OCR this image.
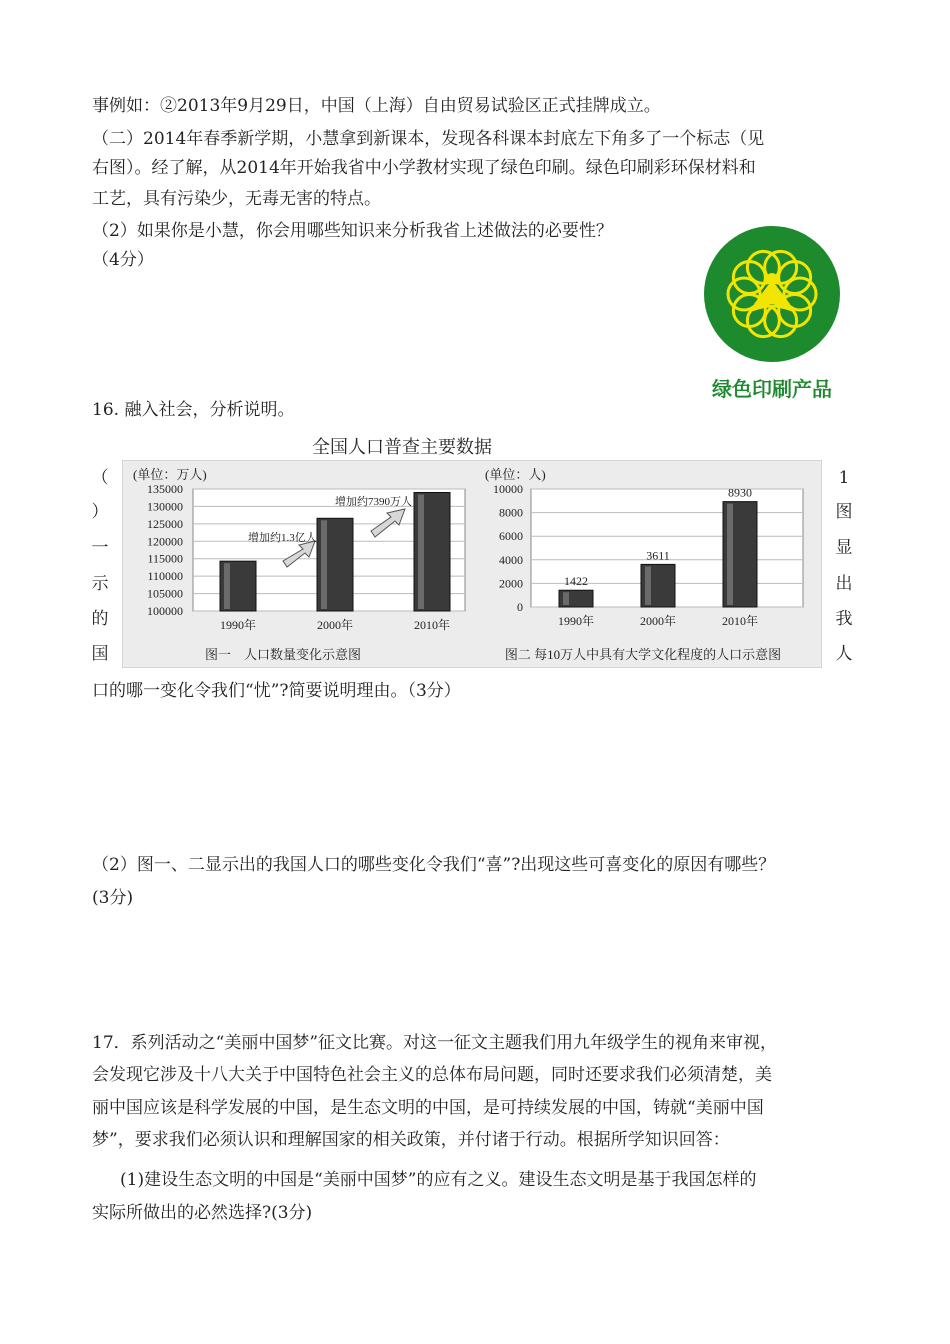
事例如：②2013年9月29日，中国（上海）自由贸易试验区正式挂牌成立。
（二）2014年春季新学期，小慧拿到新课本，发现各科课本封底左下角多了一个标志（见
右图）。经了解，从2014年开始我省中小学教材实现了绿色印刷。绿色印刷彩环保材料和
工艺，具有污染少，无毒无害的特点。
（2）如果你是小慧，你会用哪些知识来分析我省上述做法的必要性？
（4分）
绿色印刷产品
16. 融入社会，分析说明。
全国人口普查主要数据
(单位：万人)
135000
130000
125000
120000
115000
110000
105000
100000
1990年	2000年	2010年
图一　人口数量变化示意图
增加约1.3亿人
增加约7390万人
(单位：人)
10000
8000
6000
4000
2000
0
1990年
1422
2000年
3611
2010年
8930
图二 每10万人中具有大学文化程度的人口示意图
口的哪一变化令我们“忧”?简要说明理由。（3分）
（2）图一、二显示出的我国人口的哪些变化令我们“喜”?出现这些可喜变化的原因有哪些？
(3分)
17．系列活动之“美丽中国梦”征文比赛。对这一征文主题我们用九年级学生的视角来审视，
会发现它涉及十八大关于中国特色社会主义的总体布局问题，同时还要求我们必须清楚，美
丽中国应该是科学发展的中国，是生态文明的中国，是可持续发展的中国，铸就“美丽中国
梦”，要求我们必须认识和理解国家的相关政策，并付诸于行动。根据所学知识回答：
(1)建设生态文明的中国是“美丽中国梦”的应有之义。建设生态文明是基于我国怎样的
实际所做出的必然选择?(3分)
（
）
一
示
的
国
1
图
显
出
我
人
